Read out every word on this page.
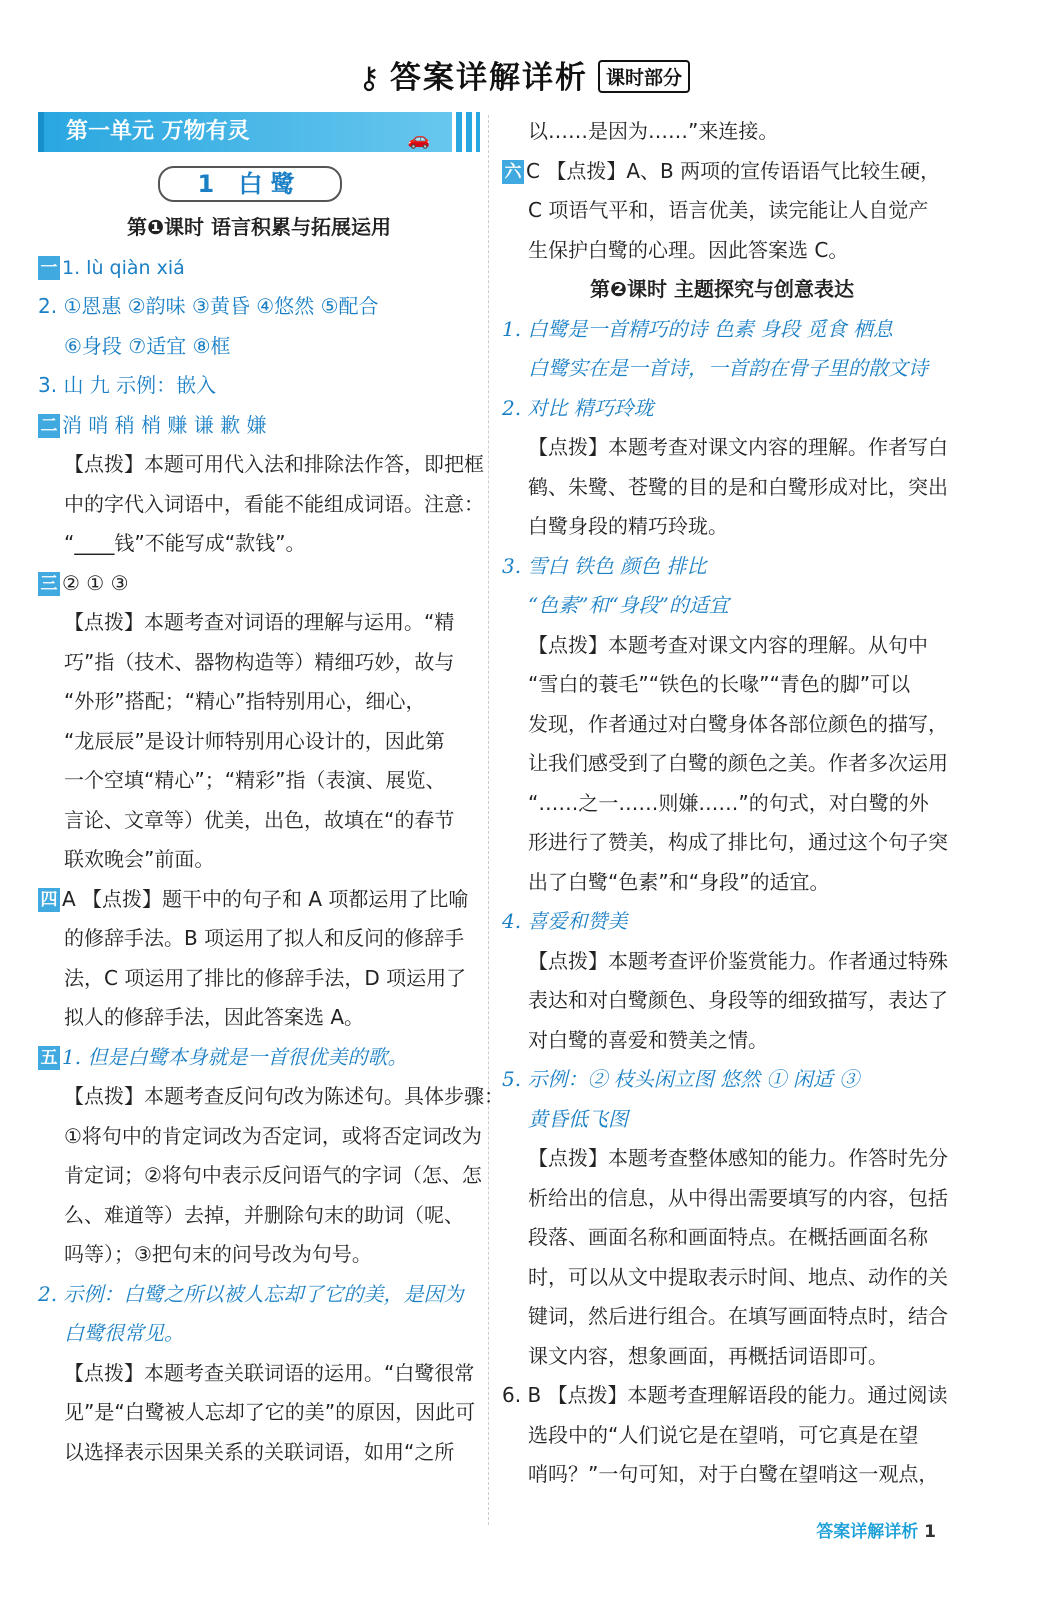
⚷ 答案详解详析 课时部分
第一单元 万物有灵	🚗
1 白鹭
第❶课时 语言积累与拓展运用
一 1. lù qiàn xiá
2. ①恩惠 ②韵味 ③黄昏 ④悠然 ⑤配合
⑥身段 ⑦适宜 ⑧框
3. 山 九 示例：嵌入
二 消 哨 稍 梢 赚 谦 歉 嫌
【点拨】本题可用代入法和排除法作答，即把框
中的字代入词语中，看能不能组成词语。注意：
“____钱”不能写成“款钱”。
三 ② ① ③
【点拨】本题考查对词语的理解与运用。“精
巧”指（技术、器物构造等）精细巧妙，故与
“外形”搭配；“精心”指特别用心，细心，
“龙辰辰”是设计师特别用心设计的，因此第
一个空填“精心”；“精彩”指（表演、展览、
言论、文章等）优美，出色，故填在“的春节
联欢晚会”前面。
四 A 【点拨】题干中的句子和 A 项都运用了比喻
的修辞手法。B 项运用了拟人和反问的修辞手
法，C 项运用了排比的修辞手法，D 项运用了
拟人的修辞手法，因此答案选 A。
五 1. 但是白鹭本身就是一首很优美的歌。
【点拨】本题考查反问句改为陈述句。具体步骤：
①将句中的肯定词改为否定词，或将否定词改为
肯定词；②将句中表示反问语气的字词（怎、怎
么、难道等）去掉，并删除句末的助词（呢、
吗等）；③把句末的问号改为句号。
2. 示例：白鹭之所以被人忘却了它的美，是因为
白鹭很常见。
【点拨】本题考查关联词语的运用。“白鹭很常
见”是“白鹭被人忘却了它的美”的原因，因此可
以选择表示因果关系的关联词语，如用“之所
以……是因为……”来连接。
六 C 【点拨】A、B 两项的宣传语语气比较生硬，
C 项语气平和，语言优美，读完能让人自觉产
生保护白鹭的心理。因此答案选 C。
第❷课时 主题探究与创意表达
1. 白鹭是一首精巧的诗 色素 身段 觅食 栖息
白鹭实在是一首诗，一首韵在骨子里的散文诗
2. 对比 精巧玲珑
【点拨】本题考查对课文内容的理解。作者写白
鹤、朱鹭、苍鹭的目的是和白鹭形成对比，突出
白鹭身段的精巧玲珑。
3. 雪白 铁色 颜色 排比
“色素”和“身段”的适宜
【点拨】本题考查对课文内容的理解。从句中
“雪白的蓑毛”“铁色的长喙”“青色的脚”可以
发现，作者通过对白鹭身体各部位颜色的描写，
让我们感受到了白鹭的颜色之美。作者多次运用
“……之一……则嫌……”的句式，对白鹭的外
形进行了赞美，构成了排比句，通过这个句子突
出了白鹭“色素”和“身段”的适宜。
4. 喜爱和赞美
【点拨】本题考查评价鉴赏能力。作者通过特殊
表达和对白鹭颜色、身段等的细致描写，表达了
对白鹭的喜爱和赞美之情。
5. 示例：② 枝头闲立图 悠然 ① 闲适 ③
黄昏低飞图
【点拨】本题考查整体感知的能力。作答时先分
析给出的信息，从中得出需要填写的内容，包括
段落、画面名称和画面特点。在概括画面名称
时，可以从文中提取表示时间、地点、动作的关
键词，然后进行组合。在填写画面特点时，结合
课文内容，想象画面，再概括词语即可。
6. B 【点拨】本题考查理解语段的能力。通过阅读
选段中的“人们说它是在望哨，可它真是在望
哨吗？”一句可知，对于白鹭在望哨这一观点，
答案详解详析 1
